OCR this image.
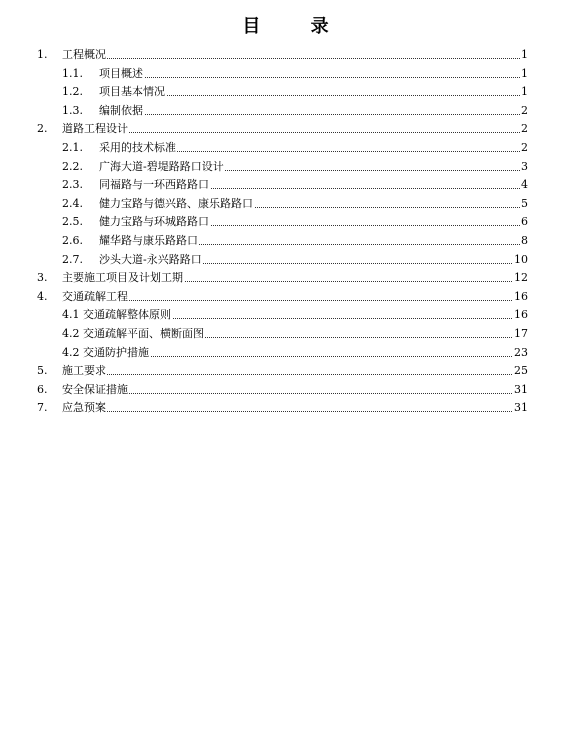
目 录
1. 工程概况	1
1.1. 项目概述	1
1.2. 项目基本情况	1
1.3. 编制依据	2
2. 道路工程设计	2
2.1. 采用的技术标准	2
2.2. 广海大道-碧堤路路口设计	3
2.3. 同福路与一环西路路口	4
2.4. 健力宝路与德兴路、康乐路路口	5
2.5. 健力宝路与环城路路口	6
2.6. 耀华路与康乐路路口	8
2.7. 沙头大道-永兴路路口	10
3. 主要施工项目及计划工期	12
4. 交通疏解工程	16
4.1 交通疏解整体原则	16
4.2 交通疏解平面、横断面图	17
4.2 交通防护措施	23
5. 施工要求	25
6. 安全保证措施	31
7. 应急预案	31
